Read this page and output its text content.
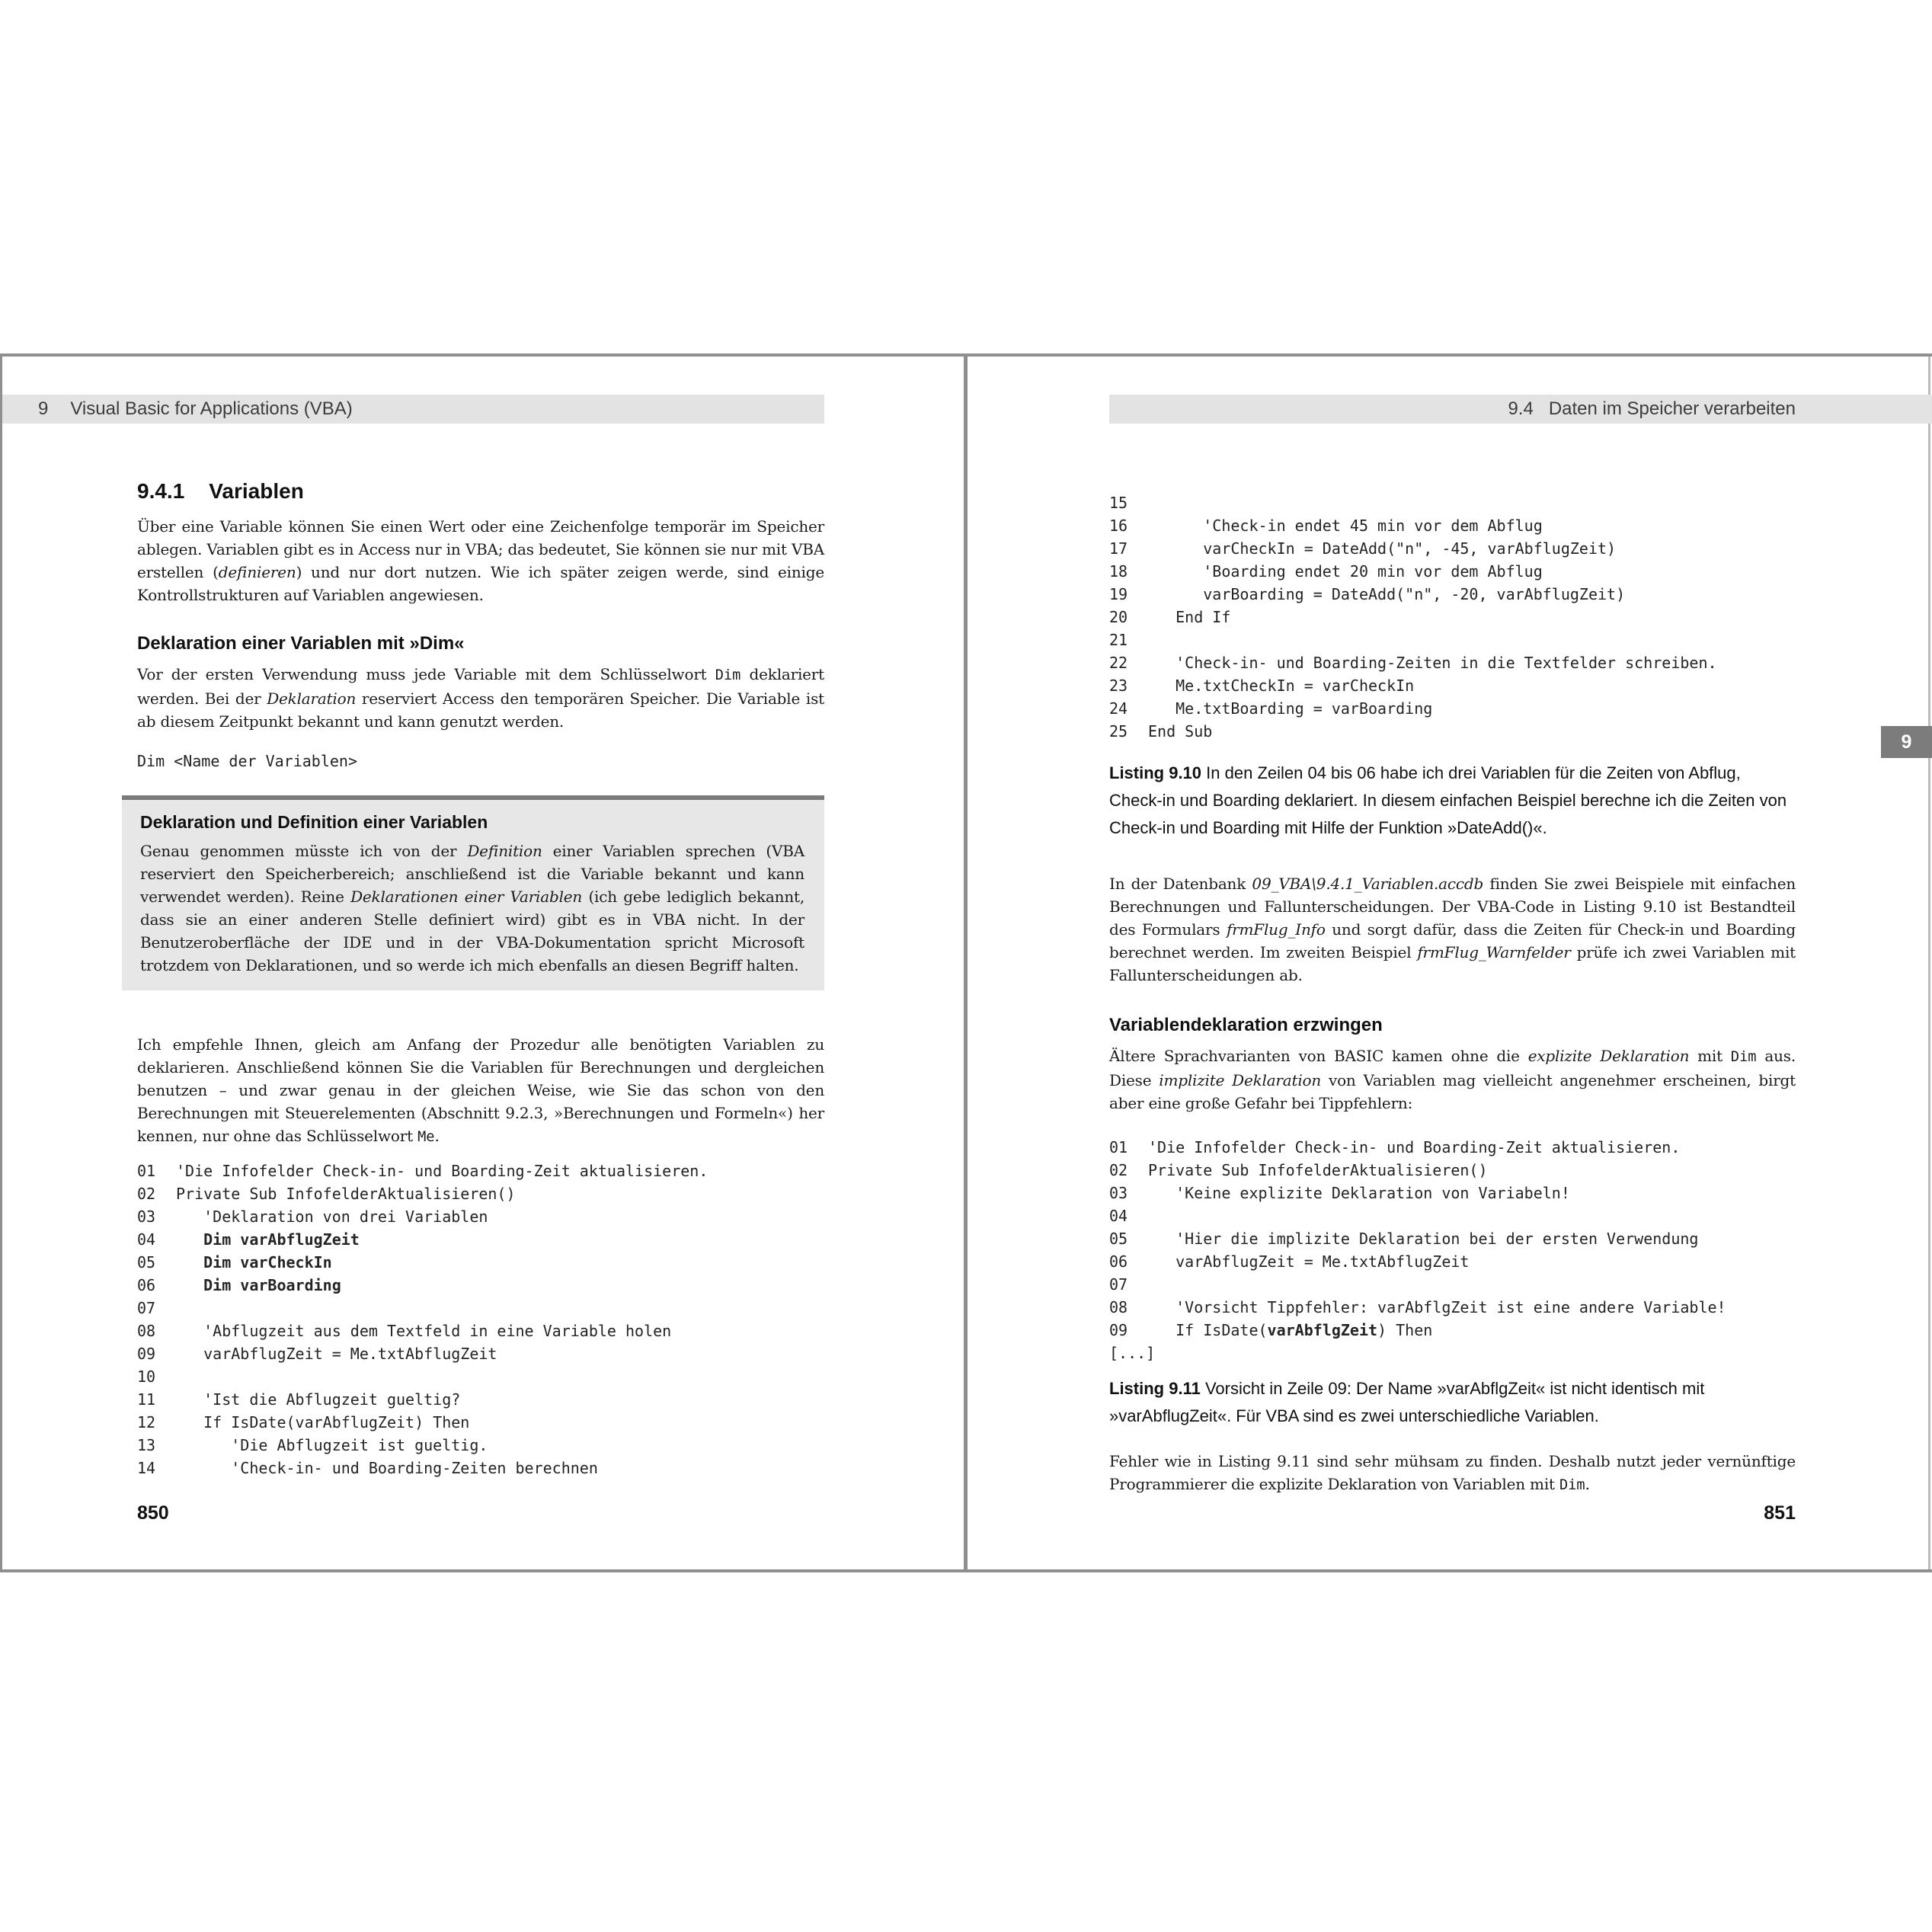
9 Visual Basic for Applications (VBA)	9.4 Daten im Speicher verarbeiten
9
9.4.1 Variablen
Über eine Variable können Sie einen Wert oder eine Zeichenfolge temporär im Speicher ablegen. Variablen gibt es in Access nur in VBA; das bedeutet, Sie können sie nur mit VBA erstellen (definieren) und nur dort nutzen. Wie ich später zeigen werde, sind einige Kontrollstrukturen auf Variablen angewiesen.
Deklaration einer Variablen mit »Dim«
Vor der ersten Verwendung muss jede Variable mit dem Schlüsselwort Dim deklariert werden. Bei der Deklaration reserviert Access den temporären Speicher. Die Variable ist ab diesem Zeitpunkt bekannt und kann genutzt werden.
Dim <Name der Variablen>
Deklaration und Definition einer Variablen
Genau genommen müsste ich von der Definition einer Variablen sprechen (VBA reserviert den Speicherbereich; anschließend ist die Variable bekannt und kann verwendet werden). Reine Deklarationen einer Variablen (ich gebe lediglich bekannt, dass sie an einer anderen Stelle definiert wird) gibt es in VBA nicht. In der Benutzeroberfläche der IDE und in der VBA-Dokumentation spricht Microsoft trotzdem von Deklarationen, und so werde ich mich ebenfalls an diesen Begriff halten.
Ich empfehle Ihnen, gleich am Anfang der Prozedur alle benötigten Variablen zu deklarieren. Anschließend können Sie die Variablen für Berechnungen und dergleichen benutzen – und zwar genau in der gleichen Weise, wie Sie das schon von den Berechnungen mit Steuerelementen (Abschnitt 9.2.3, »Berechnungen und Formeln«) her kennen, nur ohne das Schlüsselwort Me.
01	'Die Infofelder Check-in- und Boarding-Zeit aktualisieren.
02	Private Sub InfofelderAktualisieren()
03	'Deklaration von drei Variablen
04	Dim varAbflugZeit
05	Dim varCheckIn
06	Dim varBoarding
07

08	'Abflugzeit aus dem Textfeld in eine Variable holen
09	varAbflugZeit = Me.txtAbflugZeit
10

11	'Ist die Abflugzeit gueltig?
12	If IsDate(varAbflugZeit) Then
13	'Die Abflugzeit ist gueltig.
14	'Check-in- und Boarding-Zeiten berechnen
15

16	'Check-in endet 45 min vor dem Abflug
17	varCheckIn = DateAdd("n", -45, varAbflugZeit)
18	'Boarding endet 20 min vor dem Abflug
19	varBoarding = DateAdd("n", -20, varAbflugZeit)
20	End If
21

22	'Check-in- und Boarding-Zeiten in die Textfelder schreiben.
23	Me.txtCheckIn = varCheckIn
24	Me.txtBoarding = varBoarding
25	End Sub
Listing 9.10 In den Zeilen 04 bis 06 habe ich drei Variablen für die Zeiten von Abflug, Check-in und Boarding deklariert. In diesem einfachen Beispiel berechne ich die Zeiten von Check-in und Boarding mit Hilfe der Funktion »DateAdd()«.
In der Datenbank 09_VBA\9.4.1_Variablen.accdb finden Sie zwei Beispiele mit einfachen Berechnungen und Fallunterscheidungen. Der VBA-Code in Listing 9.10 ist Bestandteil des Formulars frmFlug_Info und sorgt dafür, dass die Zeiten für Check-in und Boarding berechnet werden. Im zweiten Beispiel frmFlug_Warnfelder prüfe ich zwei Variablen mit Fallunterscheidungen ab.
Variablendeklaration erzwingen
Ältere Sprachvarianten von BASIC kamen ohne die explizite Deklaration mit Dim aus. Diese implizite Deklaration von Variablen mag vielleicht angenehmer erscheinen, birgt aber eine große Gefahr bei Tippfehlern:
01	'Die Infofelder Check-in- und Boarding-Zeit aktualisieren.
02	Private Sub InfofelderAktualisieren()
03	'Keine explizite Deklaration von Variabeln!
04

05	'Hier die implizite Deklaration bei der ersten Verwendung
06	varAbflugZeit = Me.txtAbflugZeit
07

08	'Vorsicht Tippfehler: varAbflgZeit ist eine andere Variable!
09	If IsDate(varAbflgZeit) Then
[...]

Listing 9.11 Vorsicht in Zeile 09: Der Name »varAbflgZeit« ist nicht identisch mit »varAbflugZeit«. Für VBA sind es zwei unterschiedliche Variablen.
Fehler wie in Listing 9.11 sind sehr mühsam zu finden. Deshalb nutzt jeder vernünftige Programmierer die explizite Deklaration von Variablen mit Dim.
850	851
